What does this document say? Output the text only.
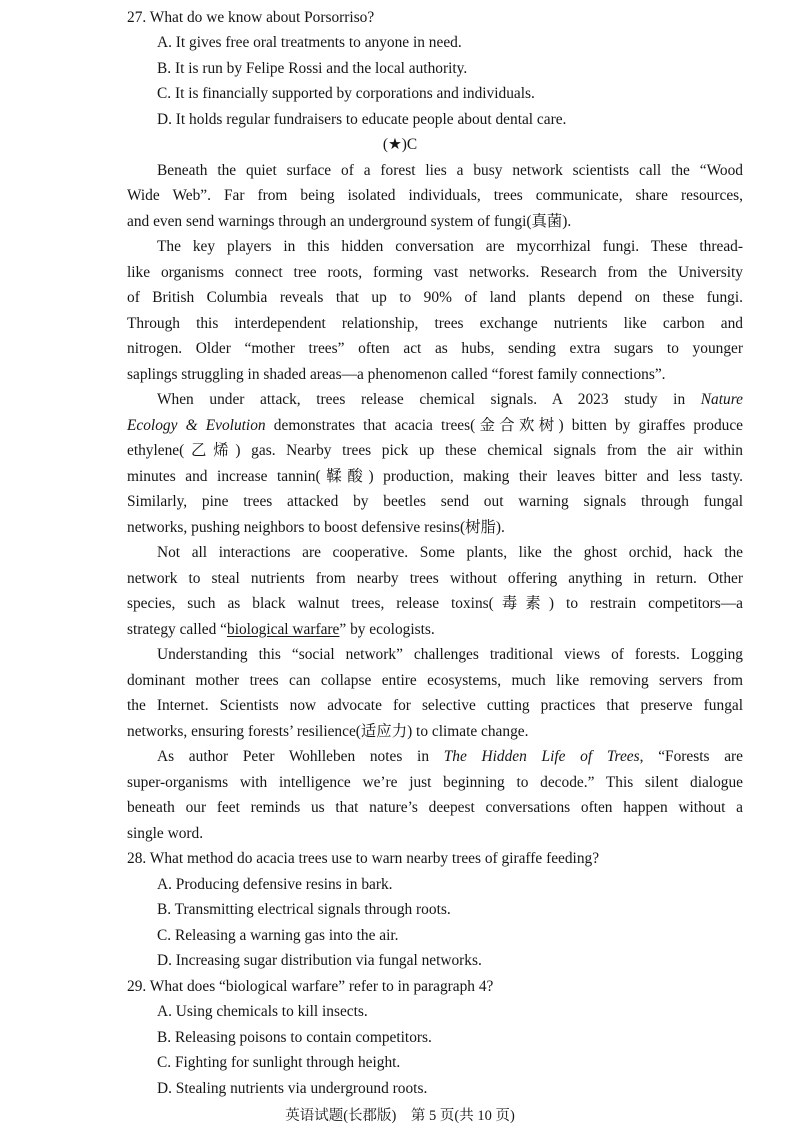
27. What do we know about Porsorriso?
A. It gives free oral treatments to anyone in need.
B. It is run by Felipe Rossi and the local authority.
C. It is financially supported by corporations and individuals.
D. It holds regular fundraisers to educate people about dental care.
(★)C
Beneath the quiet surface of a forest lies a busy network scientists call the “Wood
Wide Web”. Far from being isolated individuals, trees communicate, share resources,
and even send warnings through an underground system of fungi(真菌).
The key players in this hidden conversation are mycorrhizal fungi. These thread-
like organisms connect tree roots, forming vast networks. Research from the University
of British Columbia reveals that up to 90% of land plants depend on these fungi.
Through this interdependent relationship, trees exchange nutrients like carbon and
nitrogen. Older “mother trees” often act as hubs, sending extra sugars to younger
saplings struggling in shaded areas—a phenomenon called “forest family connections”.
When under attack, trees release chemical signals. A 2023 study in Nature
Ecology & Evolution demonstrates that acacia trees(金合欢树) bitten by giraffes produce
ethylene(乙烯) gas. Nearby trees pick up these chemical signals from the air within
minutes and increase tannin(鞣酸) production, making their leaves bitter and less tasty.
Similarly, pine trees attacked by beetles send out warning signals through fungal
networks, pushing neighbors to boost defensive resins(树脂).
Not all interactions are cooperative. Some plants, like the ghost orchid, hack the
network to steal nutrients from nearby trees without offering anything in return. Other
species, such as black walnut trees, release toxins(毒素) to restrain competitors—a
strategy called “biological warfare” by ecologists.
Understanding this “social network” challenges traditional views of forests. Logging
dominant mother trees can collapse entire ecosystems, much like removing servers from
the Internet. Scientists now advocate for selective cutting practices that preserve fungal
networks, ensuring forests’ resilience(适应力) to climate change.
As author Peter Wohlleben notes in The Hidden Life of Trees, “Forests are
super-organisms with intelligence we’re just beginning to decode.” This silent dialogue
beneath our feet reminds us that nature’s deepest conversations often happen without a
single word.
28. What method do acacia trees use to warn nearby trees of giraffe feeding?
A. Producing defensive resins in bark.
B. Transmitting electrical signals through roots.
C. Releasing a warning gas into the air.
D. Increasing sugar distribution via fungal networks.
29. What does “biological warfare” refer to in paragraph 4?
A. Using chemicals to kill insects.
B. Releasing poisons to contain competitors.
C. Fighting for sunlight through height.
D. Stealing nutrients via underground roots.
英语试题(长郡版)　第 5 页(共 10 页)
